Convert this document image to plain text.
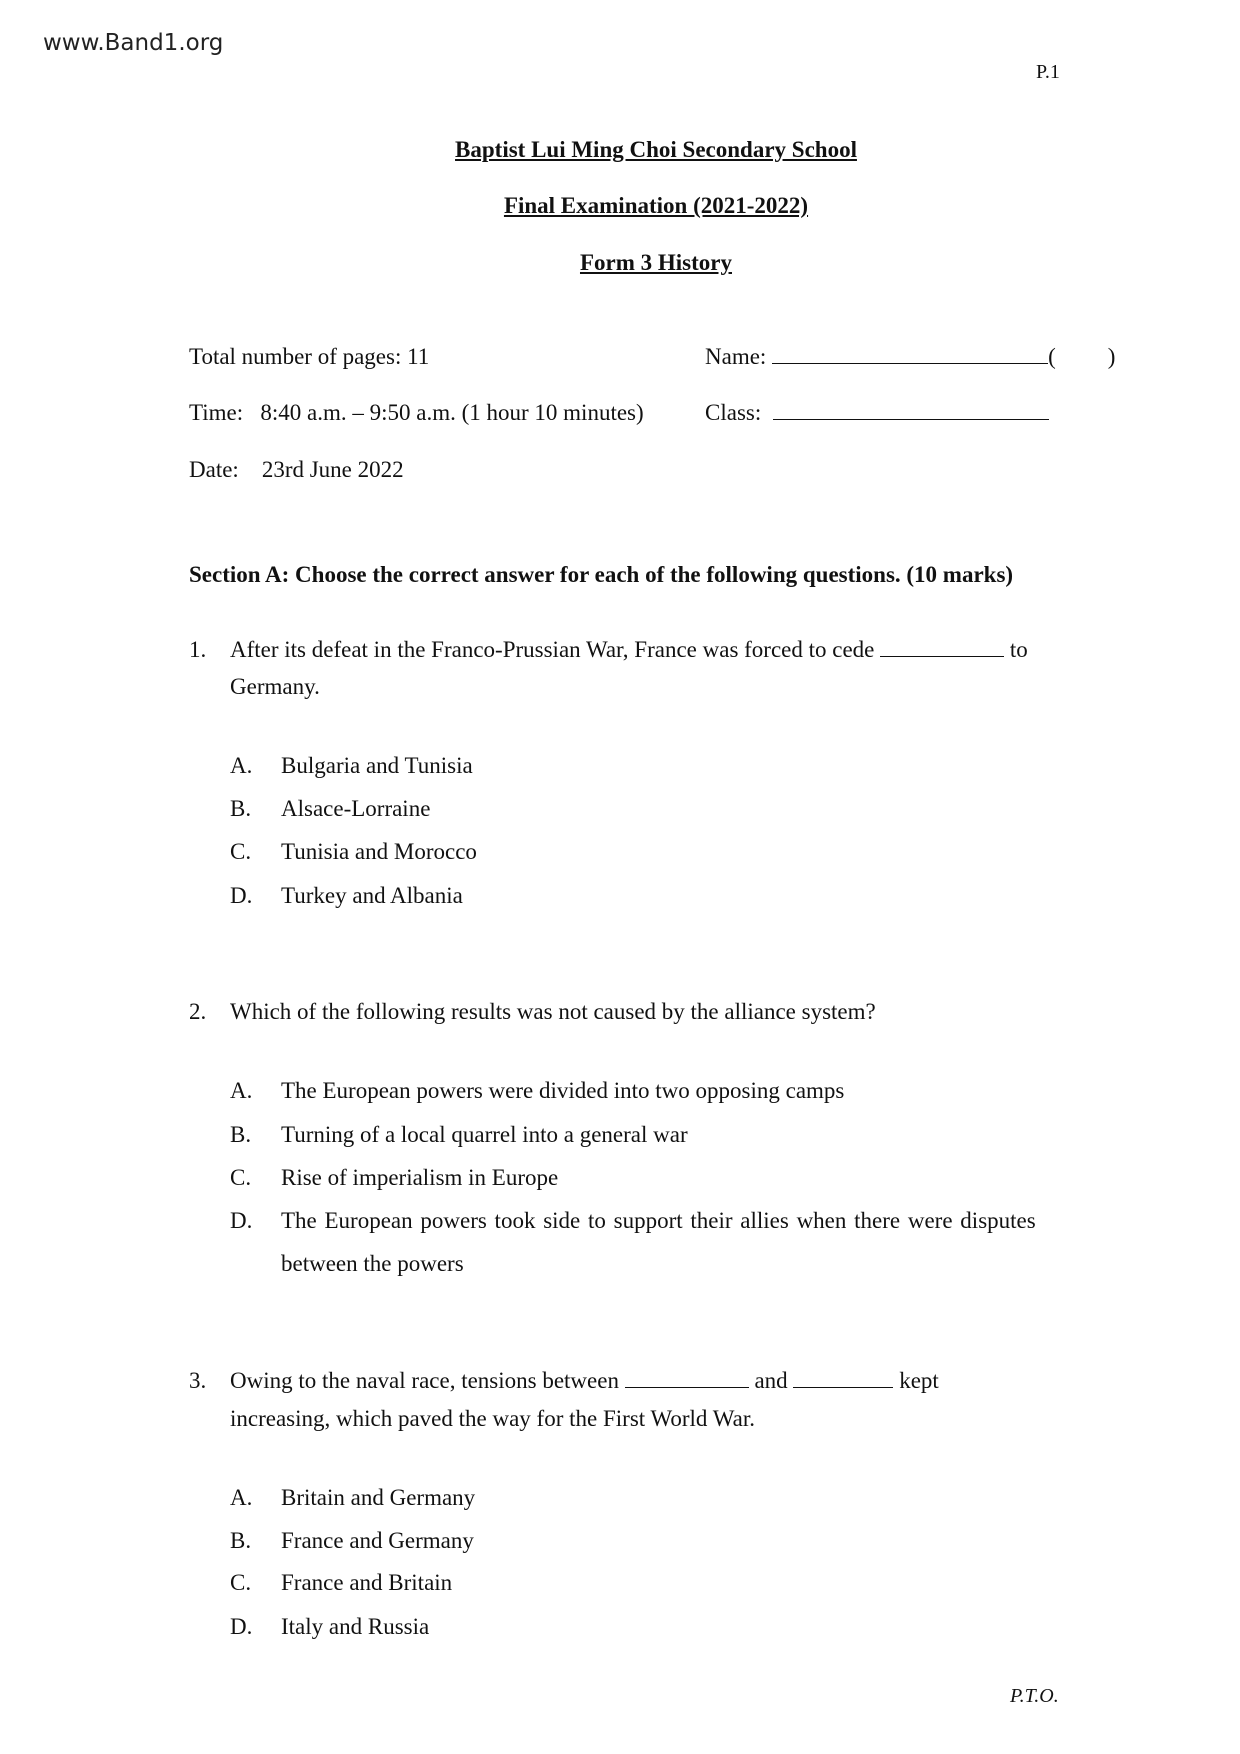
www.Band1.org
P.1
Baptist Lui Ming Choi Secondary School
Final Examination (2021-2022)
Form 3 History
Total number of pages: 11	Name:	( )
Time: 8:40 a.m. – 9:50 a.m. (1 hour 10 minutes)	Class:
Date: 23rd June 2022
Section A: Choose the correct answer for each of the following questions. (10 marks)
1. After its defeat in the Franco-Prussian War, France was forced to cede	to
Germany.
A. Bulgaria and Tunisia
B. Alsace-Lorraine
C. Tunisia and Morocco
D. Turkey and Albania
2. Which of the following results was not caused by the alliance system?
A. The European powers were divided into two opposing camps
B. Turning of a local quarrel into a general war
C. Rise of imperialism in Europe
D. The European powers took side to support their allies when there were disputes
between the powers
3. Owing to the naval race, tensions between	and	kept
increasing, which paved the way for the First World War.
A. Britain and Germany
B. France and Germany
C. France and Britain
D. Italy and Russia
P.T.O.
